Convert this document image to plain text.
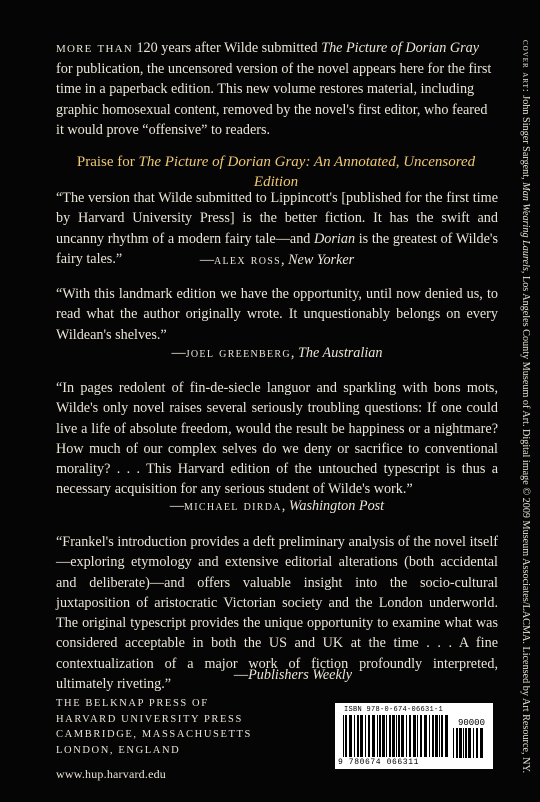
more than 120 years after Wilde submitted The Picture of Dorian Gray for publication, the uncensored version of the novel appears here for the first time in a paperback edition. This new volume restores material, including graphic homosexual content, removed by the novel's first editor, who feared it would prove “offensive” to readers.

Praise for The Picture of Dorian Gray: An Annotated, Uncensored Edition

“The version that Wilde submitted to Lippincott's [published for the first time by Harvard University Press] is the better fiction. It has the swift and uncanny rhythm of a modern fairy tale—and Dorian is the greatest of Wilde's fairy tales.”	—alex ross, New Yorker

“With this landmark edition we have the opportunity, until now denied us, to read what the author originally wrote. It unquestionably belongs on every Wildean's shelves.”

—joel greenberg, The Australian

“In pages redolent of fin-de-siecle languor and sparkling with bons mots, Wilde's only novel raises several seriously troubling questions: If one could live a life of absolute freedom, would the result be happiness or a nightmare? How much of our complex selves do we deny or sacrifice to conventional morality? . . . This Harvard edition of the untouched typescript is thus a necessary acquisition for any serious student of Wilde's work.”

—michael dirda, Washington Post

“Frankel's introduction provides a deft preliminary analysis of the novel itself—exploring etymology and extensive editorial alterations (both accidental and deliberate)—and offers valuable insight into the socio-cultural juxtaposition of aristocratic Victorian society and the London underworld. The original typescript provides the unique opportunity to examine what was considered acceptable in both the US and UK at the time . . . A fine contextualization of a major work of fiction profoundly interpreted, ultimately riveting.”

—Publishers Weekly
THE BELKNAP PRESS OF
HARVARD UNIVERSITY PRESS
CAMBRIDGE, MASSACHUSETTS
LONDON, ENGLAND
www.hup.harvard.edu
ISBN 978-0-674-06631-1
90000
9 780674 066311
cover art: John Singer Sargent, Man Wearing Laurels, Los Angeles County Museum of Art. Digital image © 2009 Museum Associates/LACMA. Licensed by Art Resource, NY.
